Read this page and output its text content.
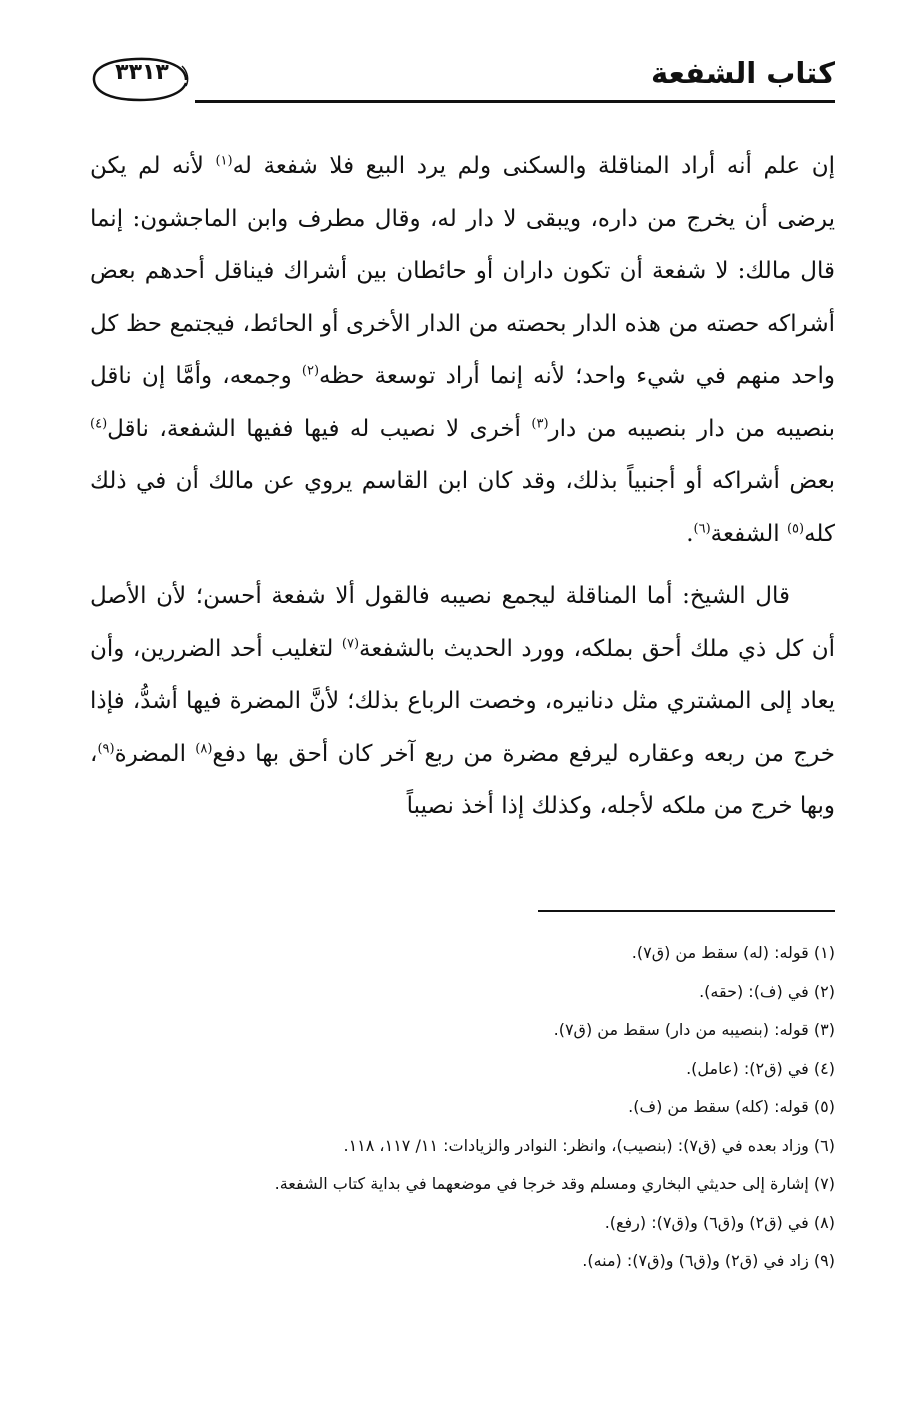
٣٣١٣	كتاب الشفعة

إن علم أنه أراد المناقلة والسكنى ولم يرد البيع فلا شفعة له$^{(١)}$ لأنه لم يكن يرضى أن يخرج من داره، ويبقى لا دار له، وقال مطرف وابن الماجشون: إنما قال مالك: لا شفعة أن تكون داران أو حائطان بين أشراك فيناقل أحدهم بعض أشراكه حصته من هذه الدار بحصته من الدار الأخرى أو الحائط، فيجتمع حظ كل واحد منهم في شيء واحد؛ لأنه إنما أراد توسعة حظه$^{(٢)}$ وجمعه، وأمَّا إن ناقل بنصيبه من دار بنصيبه من دار$^{(٣)}$ أخرى لا نصيب له فيها ففيها الشفعة، ناقل$^{(٤)}$ بعض أشراكه أو أجنبياً بذلك، وقد كان ابن القاسم يروي عن مالك أن في ذلك كله$^{(٥)}$ الشفعة$^{(٦)}$.

قال الشيخ: أما المناقلة ليجمع نصيبه فالقول ألا شفعة أحسن؛ لأن الأصل أن كل ذي ملك أحق بملكه، وورد الحديث بالشفعة$^{(٧)}$ لتغليب أحد الضررين، وأن يعاد إلى المشتري مثل دنانيره، وخصت الرباع بذلك؛ لأنَّ المضرة فيها أشدُّ، فإذا خرج من ربعه وعقاره ليرفع مضرة من ربع آخر كان أحق بها دفع$^{(٨)}$ المضرة$^{(٩)}$، وبها خرج من ملكه لأجله، وكذلك إذا أخذ نصيباً

(١) قوله: (له) سقط من (ق٧).
(٢) في (ف): (حقه).
(٣) قوله: (بنصيبه من دار) سقط من (ق٧).
(٤) في (ق٢): (عامل).
(٥) قوله: (كله) سقط من (ف).
(٦) وزاد بعده في (ق٧): (بنصيب)، وانظر: النوادر والزيادات: ١١/ ١١٧، ١١٨.
(٧) إشارة إلى حديثي البخاري ومسلم وقد خرجا في موضعهما في بداية كتاب الشفعة.
(٨) في (ق٢) و(ق٦) و(ق٧): (رفع).
(٩) زاد في (ق٢) و(ق٦) و(ق٧): (منه).
